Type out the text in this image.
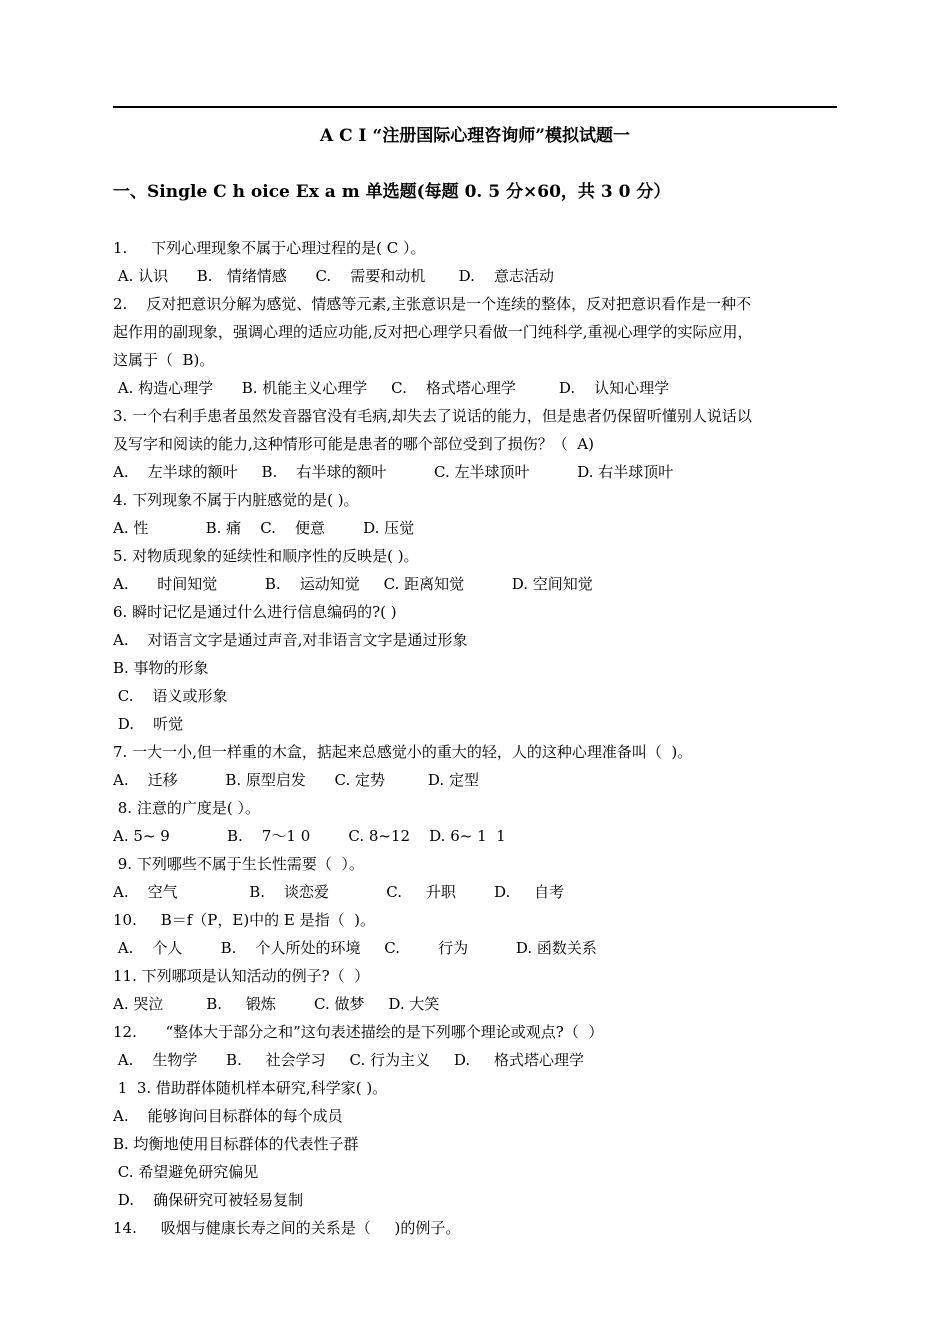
A C I “注册国际心理咨询师”模拟试题一
一、Single C h oice Ex a m 单选题(每题 0. 5 分×60，共 3 0 分）
1.     下列心理现象不属于心理过程的是( C ）。
A. 认识      B.   情绪情感      C.    需要和动机       D.    意志活动
2.    反对把意识分解为感觉、情感等元素,主张意识是一个连续的整体，反对把意识看作是一种不
起作用的副现象，强调心理的适应功能,反对把心理学只看做一门纯科学,重视心理学的实际应用，
这属于（  B)。
A. 构造心理学      B. 机能主义心理学     C.    格式塔心理学         D.    认知心理学
3. 一个右利手患者虽然发音器官没有毛病,却失去了说话的能力，但是患者仍保留听懂别人说话以
及写字和阅读的能力,这种情形可能是患者的哪个部位受到了损伤？（  A)
A.    左半球的额叶     B.    右半球的额叶          C. 左半球顶叶          D. 右半球顶叶
4. 下列现象不属于内脏感觉的是( )。
A. 性            B. 痛    C.    便意        D. 压觉
5. 对物质现象的延续性和顺序性的反映是( )。
A.      时间知觉          B.    运动知觉     C. 距离知觉          D. 空间知觉
6. 瞬时记忆是通过什么进行信息编码的?( )
A.    对语言文字是通过声音,对非语言文字是通过形象
B. 事物的形象
C.    语义或形象
D.    听觉
7. 一大一小,但一样重的木盒，掂起来总感觉小的重大的轻，人的这种心理准备叫（  )。
A.    迁移          B. 原型启发      C. 定势         D. 定型
8. 注意的广度是( ）。
A. 5~ 9            B.    7～1 0        C. 8~12    D. 6~ 1  1
9. 下列哪些不属于生长性需要（  ）。
A.    空气               B.    谈恋爱            C.     升职        D.     自考
10.     B＝f（P，E)中的 E 是指（  )。
A.    个人        B.    个人所处的环境     C.        行为          D. 函数关系
11. 下列哪项是认知活动的例子?（  ）
A. 哭泣         B.     锻炼        C. 做梦     D. 大笑
12.      “整体大于部分之和”这句表述描绘的是下列哪个理论或观点?（  ）
A.    生物学      B.     社会学习     C. 行为主义     D.     格式塔心理学
1  3. 借助群体随机样本研究,科学家( )。
A.    能够询问目标群体的每个成员
B. 均衡地使用目标群体的代表性子群
C. 希望避免研究偏见
D.    确保研究可被轻易复制
14.     吸烟与健康长寿之间的关系是（     )的例子。
